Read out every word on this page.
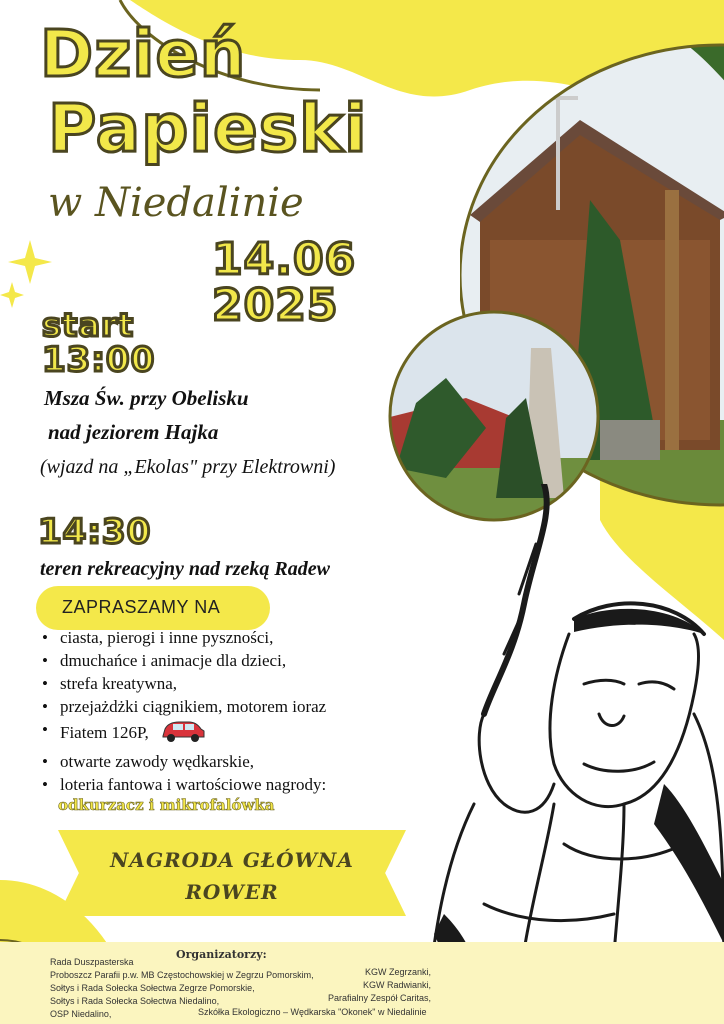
Dzień
Papieski
w Niedalinie
14.06
2025
start
13:00
Msza Św. przy Obelisku
nad jeziorem Hajka
(wjazd na „Ekolas" przy Elektrowni)
14:30
teren rekreacyjny nad rzeką Radew
ZAPRASZAMY NA
• ciasta, pierogi i inne pyszności,
• dmuchańce i animacje dla dzieci,
• strefa kreatywna,
• przejażdżki ciągnikiem, motorem ioraz
• Fiatem 126P,
• otwarte zawody wędkarskie,
• loteria fantowa i wartościowe nagrody:
odkurzacz i mikrofalówka
NAGRODA GŁÓWNA
ROWER
Organizatorzy:
Rada Duszpasterska
Proboszcz Parafii p.w. MB Częstochowskiej w Zegrzu Pomorskim,
Sołtys i Rada Sołecka Sołectwa Zegrze Pomorskie,
Sołtys i Rada Sołecka Sołectwa Niedalino,
OSP Niedalino,
KGW Zegrzanki,
KGW Radwianki,
Parafialny Zespół Caritas,
Szkółka Ekologiczno – Wędkarska "Okonek" w Niedalinie
